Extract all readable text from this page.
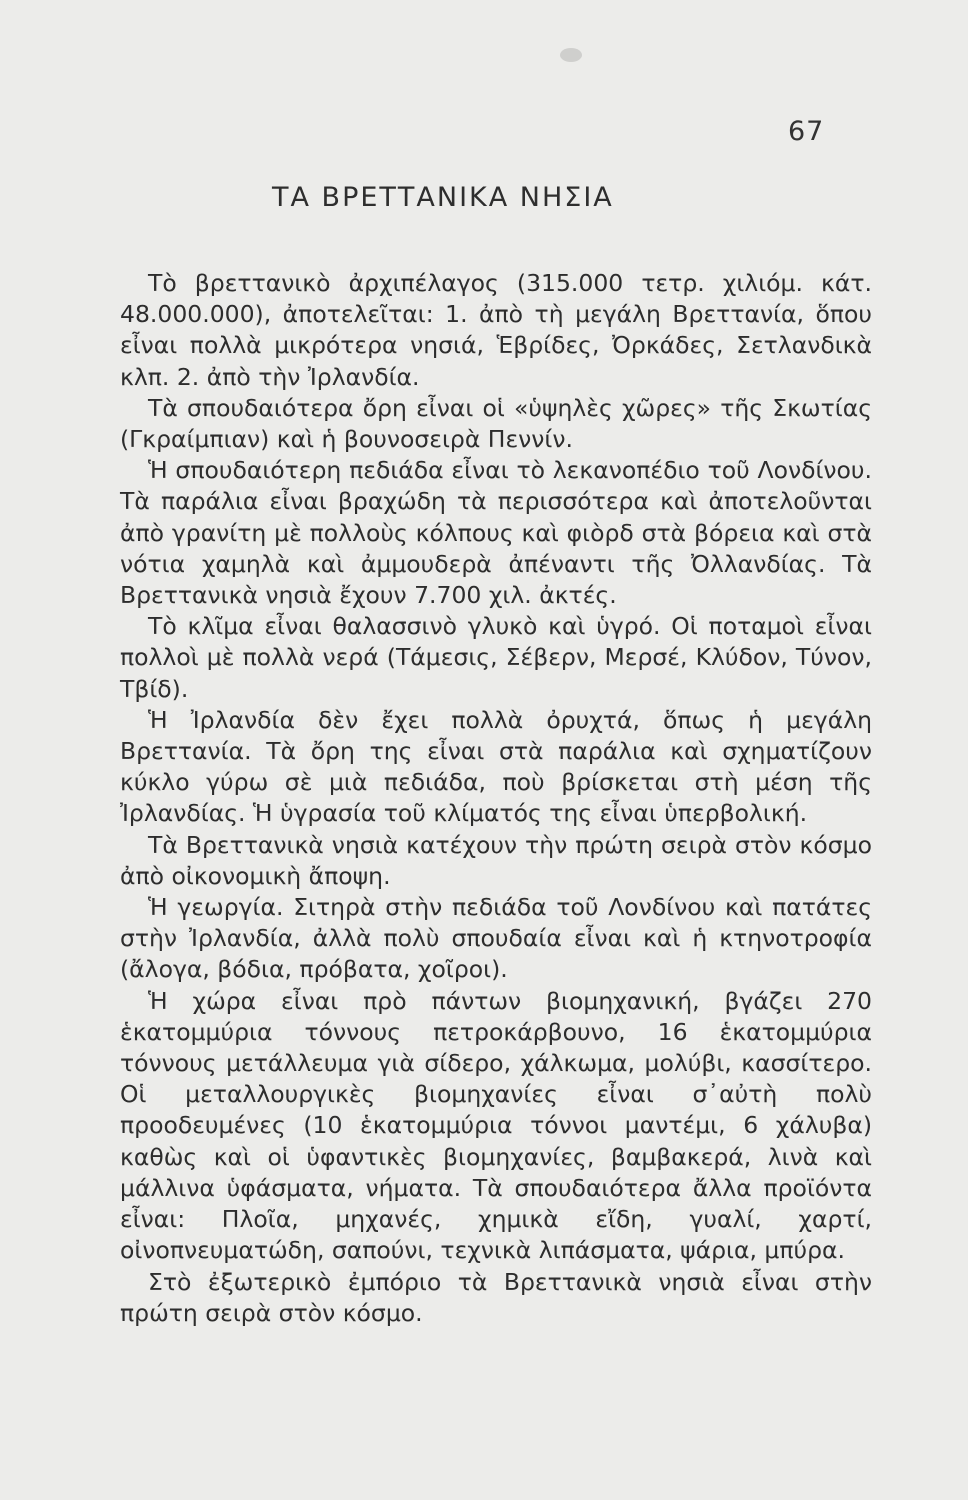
67
ΤΑ ΒΡΕΤΤΑΝΙΚΑ ΝΗΣΙΑ

Τὸ βρεττανικὸ ἀρχιπέλαγος (315.000 τετρ. χιλιόμ. κάτ. 48.000.000), ἀποτελεῖται: 1. ἀπὸ τὴ μεγάλη Βρεττανία, ὅπου εἶναι πολλὰ μικρότερα νησιά, Ἑβρίδες, Ὀρκάδες, Σετλανδικὰ κλπ. 2. ἀπὸ τὴν Ἰρλανδία.

Τὰ σπουδαιότερα ὄρη εἶναι οἱ «ὑψηλὲς χῶρες» τῆς Σκωτίας (Γκραίμπιαν) καὶ ἡ βουνοσειρὰ Πεννίν.

Ἡ σπουδαιότερη πεδιάδα εἶναι τὸ λεκανοπέδιο τοῦ Λονδίνου. Τὰ παράλια εἶναι βραχώδη τὰ περισσότερα καὶ ἀποτελοῦνται ἀπὸ γρανίτη μὲ πολλοὺς κόλπους καὶ φιὸρδ στὰ βόρεια καὶ στὰ νότια χαμηλὰ καὶ ἀμμουδερὰ ἀπέναντι τῆς Ὀλλανδίας. Τὰ Βρεττανικὰ νησιὰ ἔχουν 7.700 χιλ. ἀκτές.

Τὸ κλῖμα εἶναι θαλασσινὸ γλυκὸ καὶ ὑγρό. Οἱ ποταμοὶ εἶναι πολλοὶ μὲ πολλὰ νερά (Τάμεσις, Σέβερν, Μερσέ, Κλύδον, Τύνον, Τβίδ).

Ἡ Ἰρλανδία δὲν ἔχει πολλὰ ὀρυχτά, ὅπως ἡ μεγάλη Βρεττανία. Τὰ ὄρη της εἶναι στὰ παράλια καὶ σχηματίζουν κύκλο γύρω σὲ μιὰ πεδιάδα, ποὺ βρίσκεται στὴ μέση τῆς Ἰρλανδίας. Ἡ ὑγρασία τοῦ κλίματός της εἶναι ὑπερβολική.

Τὰ Βρεττανικὰ νησιὰ κατέχουν τὴν πρώτη σειρὰ στὸν κόσμο ἀπὸ οἰκονομικὴ ἄποψη.

Ἡ γεωργία. Σιτηρὰ στὴν πεδιάδα τοῦ Λονδίνου καὶ πατάτες στὴν Ἰρλανδία, ἀλλὰ πολὺ σπουδαία εἶναι καὶ ἡ κτηνοτροφία (ἄλογα, βόδια, πρόβατα, χοῖροι).

Ἡ χώρα εἶναι πρὸ πάντων βιομηχανική, βγάζει 270 ἑκατομμύρια τόννους πετροκάρβουνο, 16 ἑκατομμύρια τόννους μετάλλευμα γιὰ σίδερο, χάλκωμα, μολύβι, κασσίτερο. Οἱ μεταλλουργικὲς βιομηχανίες εἶναι σ᾽αὐτὴ πολὺ προοδευμένες (10 ἑκατομμύρια τόννοι μαντέμι, 6 χάλυβα) καθὼς καὶ οἱ ὑφαντικὲς βιομηχανίες, βαμβακερά, λινὰ καὶ μάλλινα ὑφάσματα, νήματα. Τὰ σπουδαιότερα ἄλλα προϊόντα εἶναι: Πλοῖα, μηχανές, χημικὰ εἴδη, γυαλί, χαρτί, οἰνοπνευματώδη, σαπούνι, τεχνικὰ λιπάσματα, ψάρια, μπύρα.

Στὸ ἐξωτερικὸ ἐμπόριο τὰ Βρεττανικὰ νησιὰ εἶναι στὴν πρώτη σειρὰ στὸν κόσμο.
